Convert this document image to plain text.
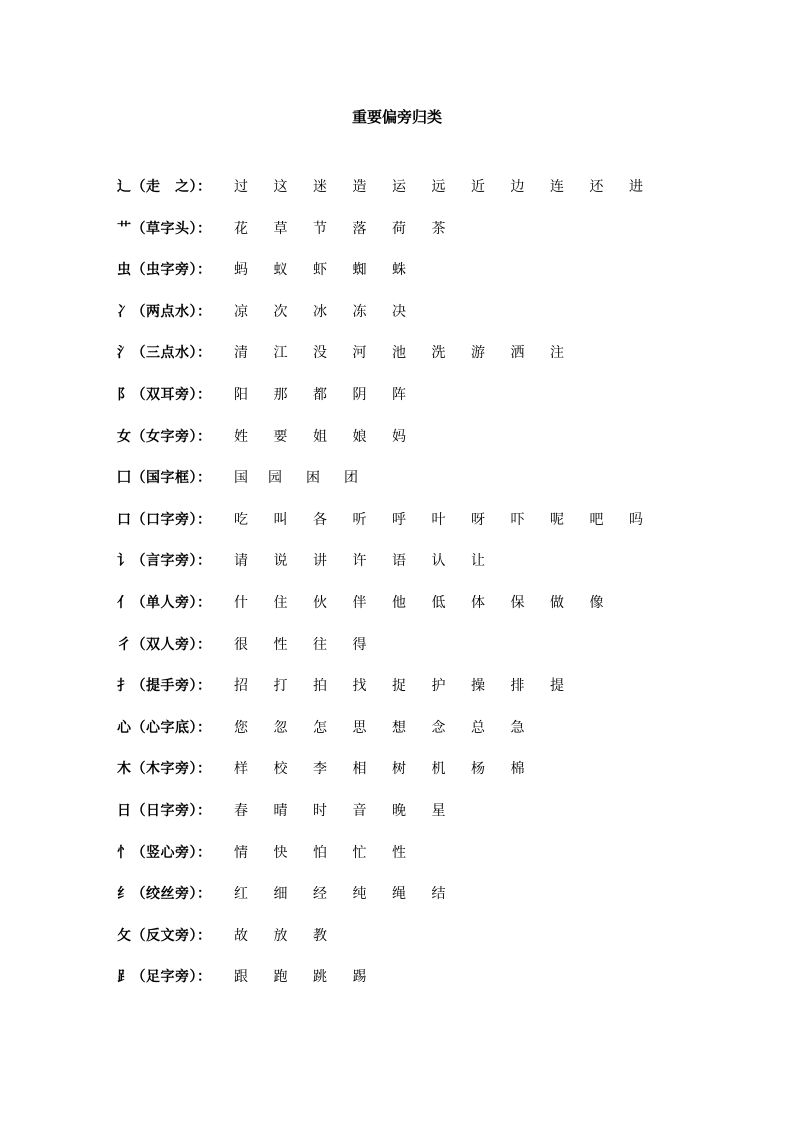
重要偏旁归类
辶（走　之）： 过 这 迷 造 运 远 近 边 连 还 进
艹（草字头）： 花 草 节 落 荷 茶
虫（虫字旁）： 蚂 蚁 虾 蜘 蛛
冫（两点水）： 凉 次 冰 冻 决
氵（三点水）： 清 江 没 河 池 洗 游 洒 注
阝（双耳旁）： 阳 那 都 阴 阵
女（女字旁）： 姓 要 姐 娘 妈
囗（国字框）： 国 园 困 团
口（口字旁）： 吃 叫 各 听 呼 叶 呀 吓 呢 吧 吗
讠（言字旁）： 请 说 讲 许 语 认 让
亻（单人旁）： 什 住 伙 伴 他 低 体 保 做 像
彳（双人旁）： 很 性 往 得
扌（提手旁）： 招 打 拍 找 捉 护 操 排 提
心（心字底）： 您 忽 怎 思 想 念 总 急
木（木字旁）： 样 校 李 相 树 机 杨 棉
日（日字旁）： 春 晴 时 音 晚 星
忄（竖心旁）： 情 快 怕 忙 性
纟（绞丝旁）： 红 细 经 纯 绳 结
攵（反文旁）： 故 放 教
⻊（足字旁）： 跟 跑 跳 踢
